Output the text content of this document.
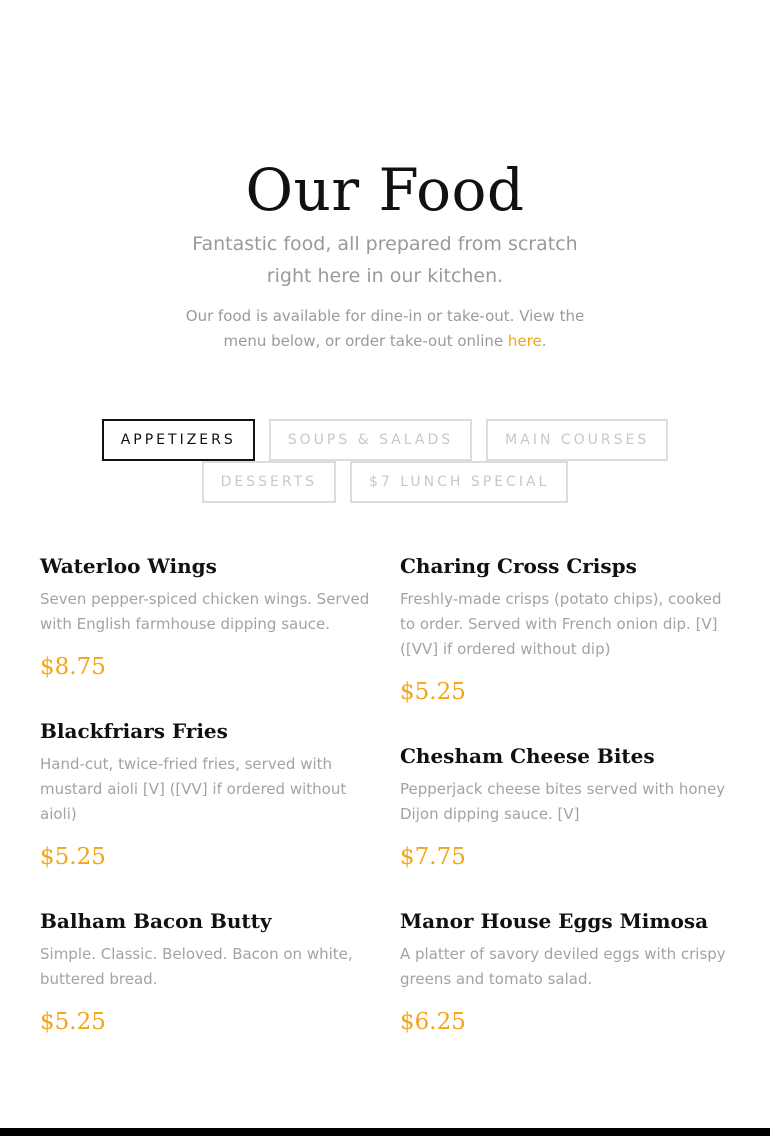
Our Food

Fantastic food, all prepared from scratch right here in our kitchen.

Our food is available for dine-in or take-out. View the menu below, or order take-out online here.

APPETIZERS	SOUPS & SALADS	MAIN COURSES
DESSERTS	$7 LUNCH SPECIAL
Waterloo Wings
Seven pepper-spiced chicken wings. Served with English farmhouse dipping sauce.
$8.75
Blackfriars Fries
Hand-cut, twice-fried fries, served with mustard aioli [V] ([VV] if ordered without aioli)
$5.25
Balham Bacon Butty
Simple. Classic. Beloved. Bacon on white, buttered bread.
$5.25
Charing Cross Crisps
Freshly-made crisps (potato chips), cooked to order. Served with French onion dip. [V] ([VV] if ordered without dip)
$5.25
Chesham Cheese Bites
Pepperjack cheese bites served with honey Dijon dipping sauce. [V]
$7.75
Manor House Eggs Mimosa
A platter of savory deviled eggs with crispy greens and tomato salad.
$6.25
